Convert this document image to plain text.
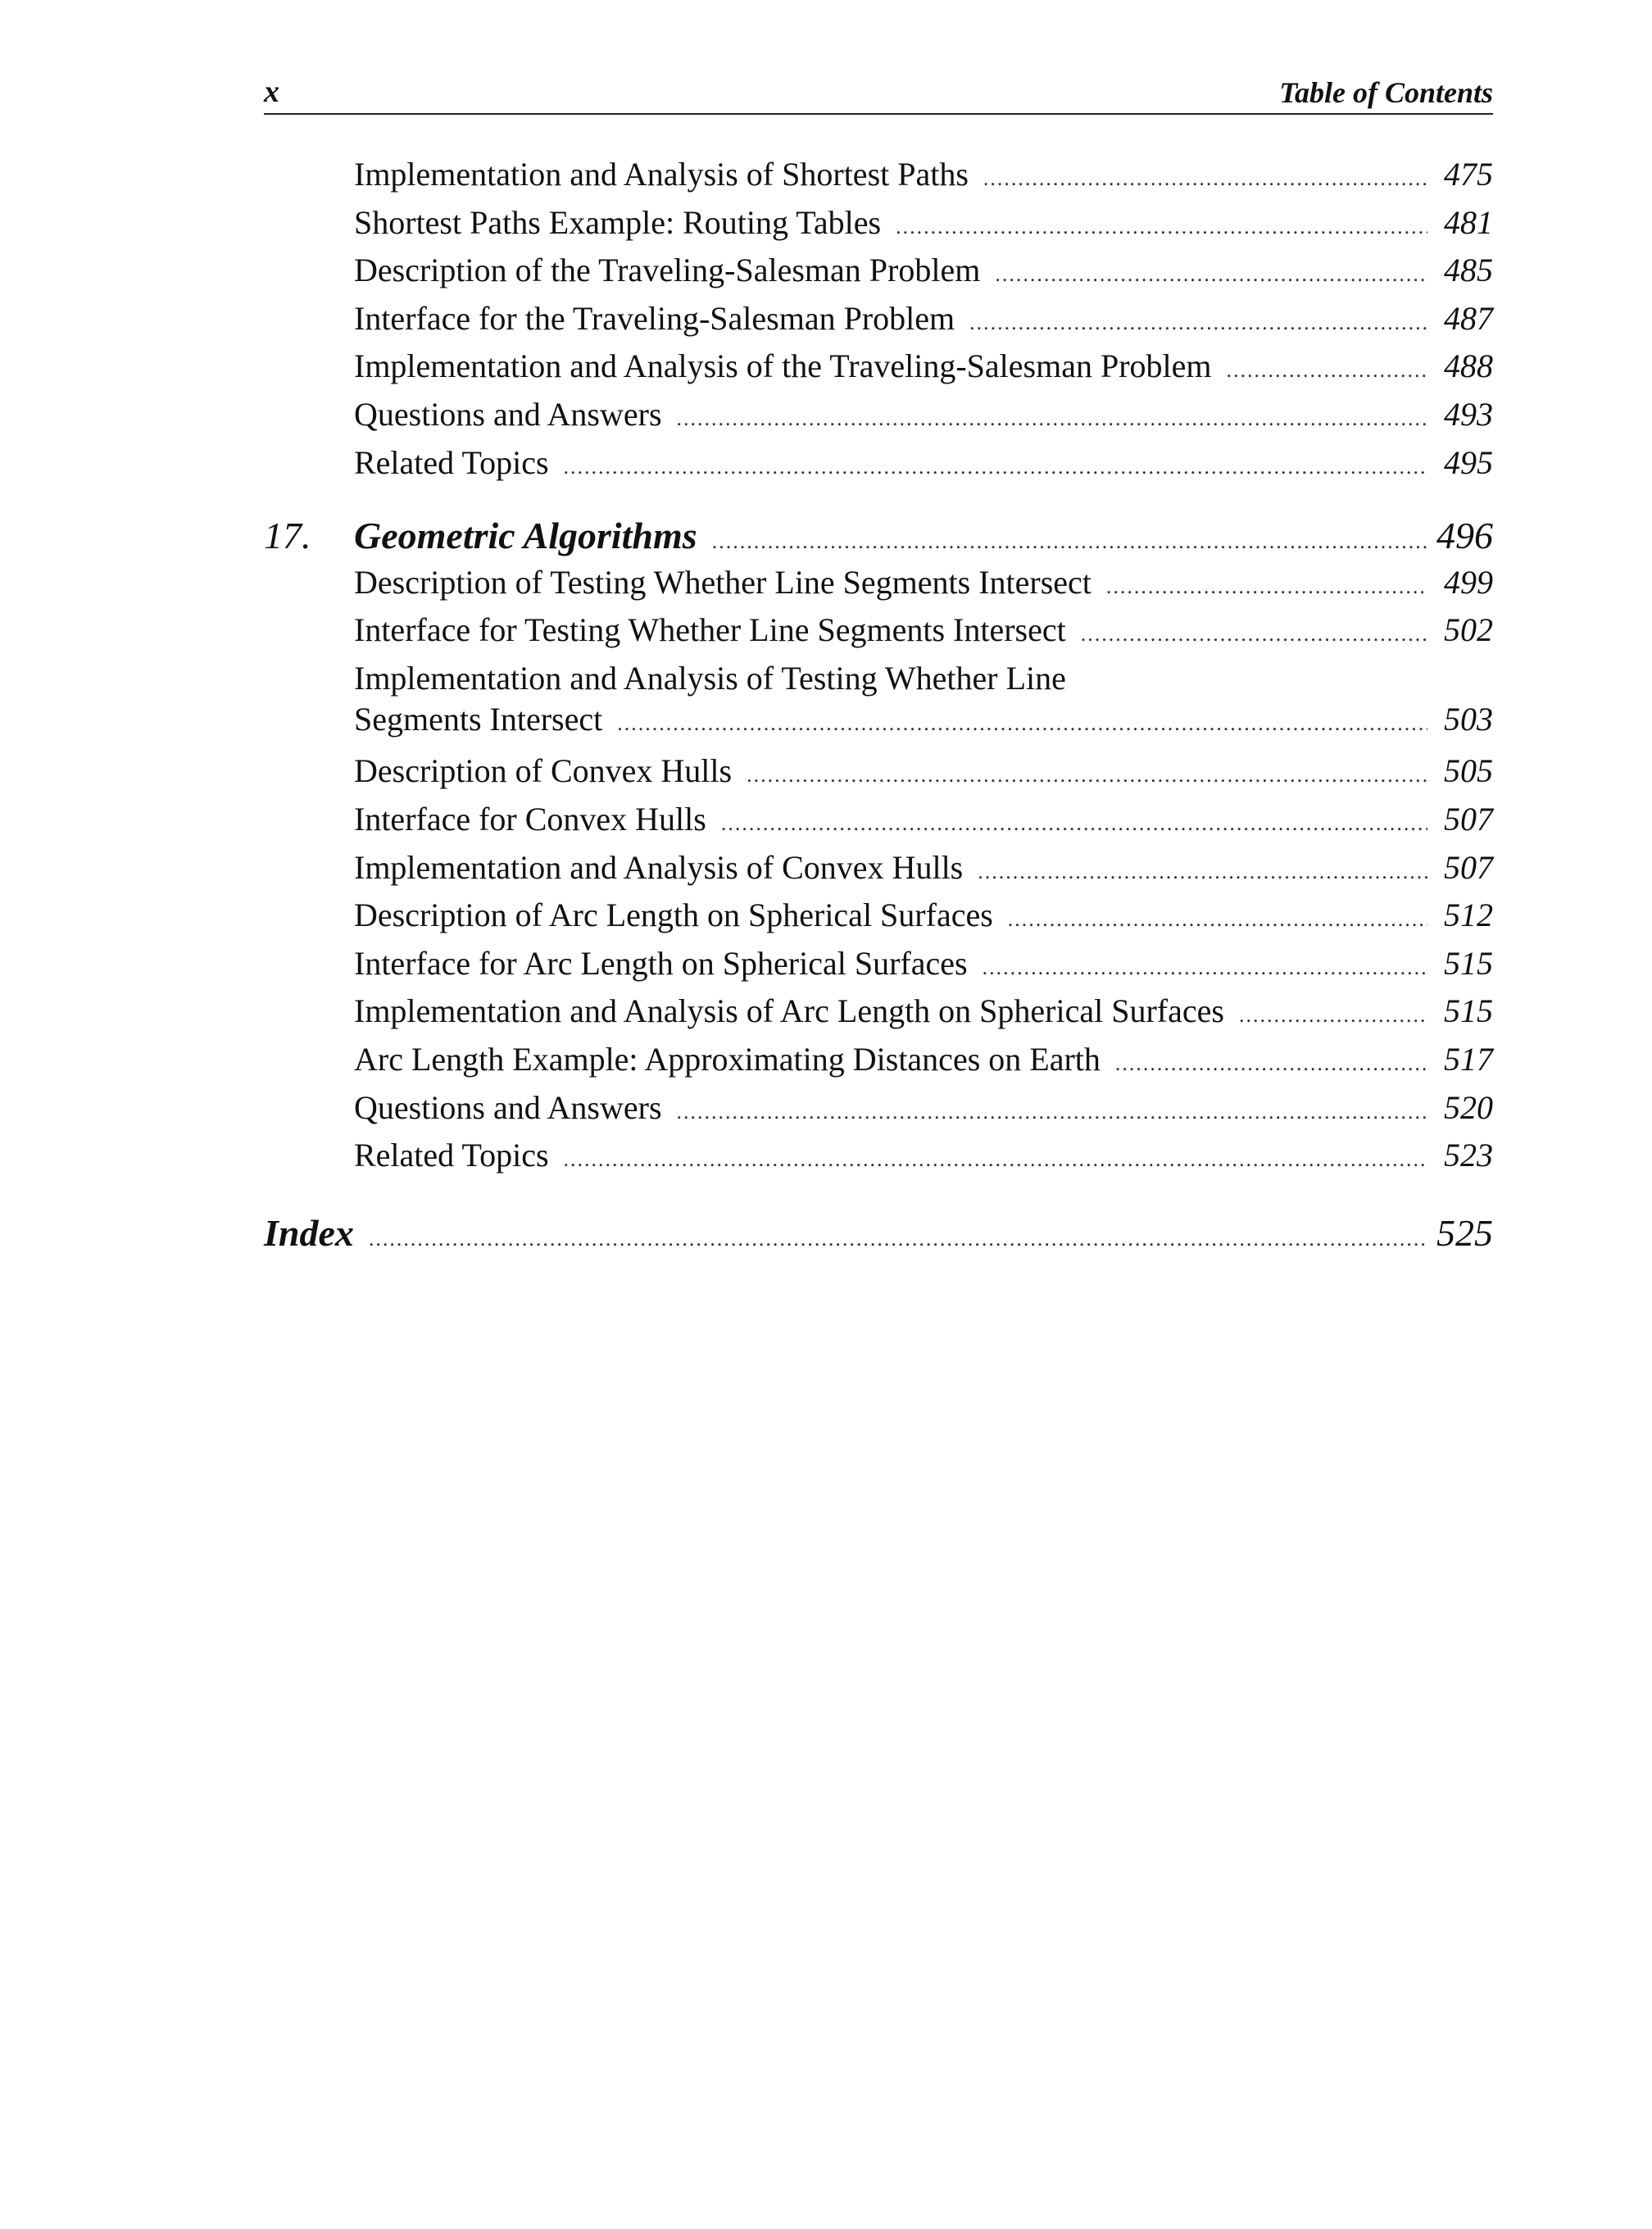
x	Table of Contents
Implementation and Analysis of Shortest Paths .....	475
Shortest Paths Example: Routing Tables .....	481
Description of the Traveling-Salesman Problem .....	485
Interface for the Traveling-Salesman Problem .....	487
Implementation and Analysis of the Traveling-Salesman Problem .....	488
Questions and Answers .....	493
Related Topics .....	495
17.	Geometric Algorithms .....	496
Description of Testing Whether Line Segments Intersect .....	499
Interface for Testing Whether Line Segments Intersect .....	502
Implementation and Analysis of Testing Whether Line
Segments Intersect .....	503
Description of Convex Hulls .....	505
Interface for Convex Hulls .....	507
Implementation and Analysis of Convex Hulls .....	507
Description of Arc Length on Spherical Surfaces .....	512
Interface for Arc Length on Spherical Surfaces .....	515
Implementation and Analysis of Arc Length on Spherical Surfaces .....	515
Arc Length Example: Approximating Distances on Earth .....	517
Questions and Answers .....	520
Related Topics .....	523
Index .....	525
